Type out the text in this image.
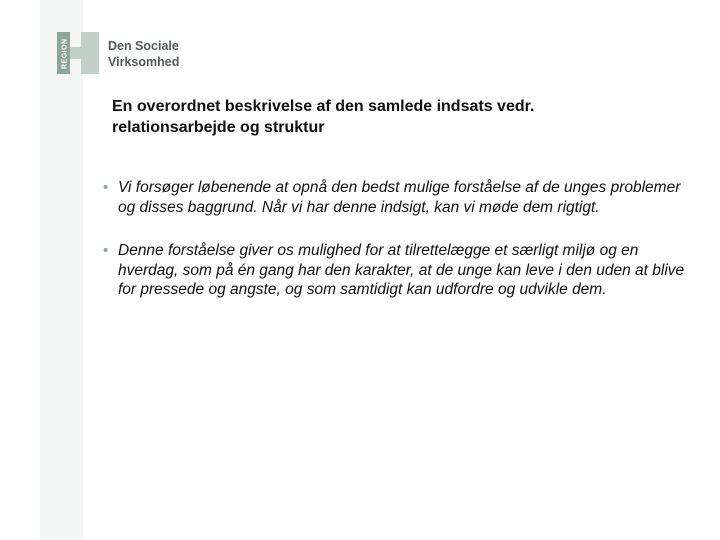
REGION	Den Sociale
Virksomhed
En overordnet beskrivelse af den samlede indsats vedr.
relationsarbejde og struktur
• Vi forsøger løbenende at opnå den bedst mulige forståelse af de unges problemer og disses baggrund. Når vi har denne indsigt, kan vi møde dem rigtigt.
• Denne forståelse giver os mulighed for at tilrettelægge et særligt miljø og en hverdag, som på én gang har den karakter, at de unge kan leve i den uden at blive for pressede og angste, og som samtidigt kan udfordre og udvikle dem.
